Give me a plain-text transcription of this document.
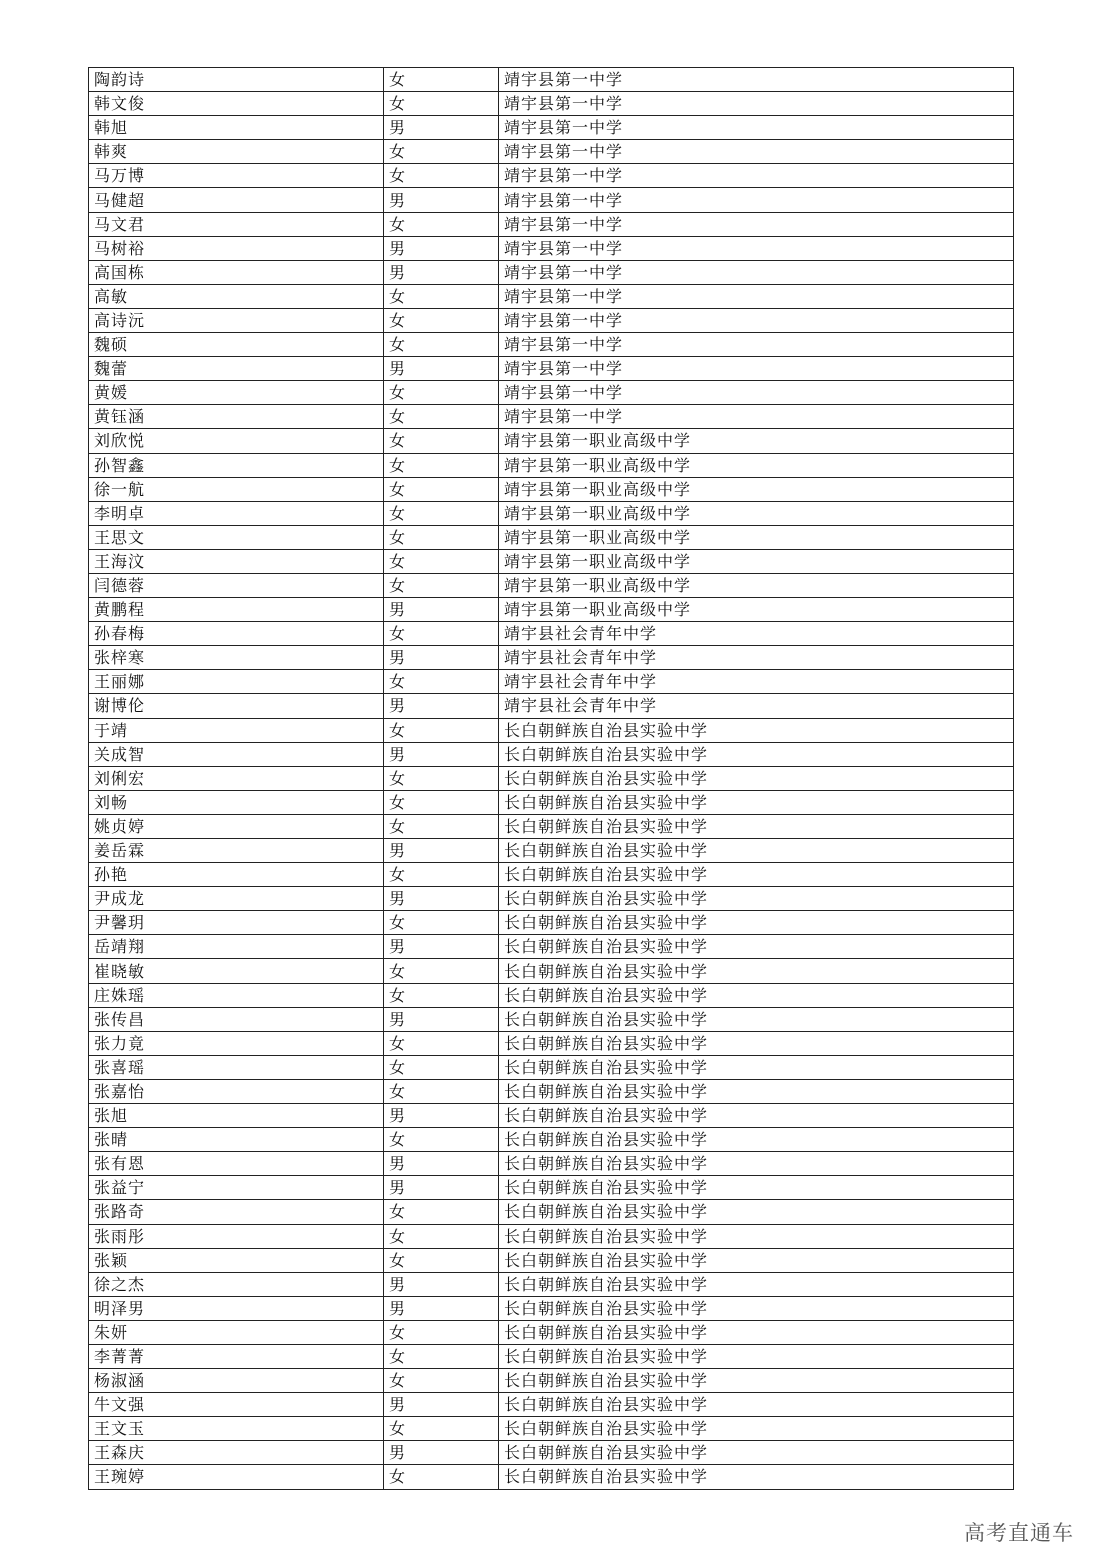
陶韵诗	女	靖宇县第一中学
韩文俊	女	靖宇县第一中学
韩旭	男	靖宇县第一中学
韩爽	女	靖宇县第一中学
马万博	女	靖宇县第一中学
马健超	男	靖宇县第一中学
马文君	女	靖宇县第一中学
马树裕	男	靖宇县第一中学
高国栋	男	靖宇县第一中学
高敏	女	靖宇县第一中学
高诗沅	女	靖宇县第一中学
魏硕	女	靖宇县第一中学
魏蕾	男	靖宇县第一中学
黄媛	女	靖宇县第一中学
黄钰涵	女	靖宇县第一中学
刘欣悦	女	靖宇县第一职业高级中学
孙智鑫	女	靖宇县第一职业高级中学
徐一航	女	靖宇县第一职业高级中学
李明卓	女	靖宇县第一职业高级中学
王思文	女	靖宇县第一职业高级中学
王海汶	女	靖宇县第一职业高级中学
闫德蓉	女	靖宇县第一职业高级中学
黄鹏程	男	靖宇县第一职业高级中学
孙春梅	女	靖宇县社会青年中学
张梓寒	男	靖宇县社会青年中学
王丽娜	女	靖宇县社会青年中学
谢博伦	男	靖宇县社会青年中学
于靖	女	长白朝鲜族自治县实验中学
关成智	男	长白朝鲜族自治县实验中学
刘俐宏	女	长白朝鲜族自治县实验中学
刘畅	女	长白朝鲜族自治县实验中学
姚贞婷	女	长白朝鲜族自治县实验中学
姜岳霖	男	长白朝鲜族自治县实验中学
孙艳	女	长白朝鲜族自治县实验中学
尹成龙	男	长白朝鲜族自治县实验中学
尹馨玥	女	长白朝鲜族自治县实验中学
岳靖翔	男	长白朝鲜族自治县实验中学
崔晓敏	女	长白朝鲜族自治县实验中学
庄姝瑶	女	长白朝鲜族自治县实验中学
张传昌	男	长白朝鲜族自治县实验中学
张力竟	女	长白朝鲜族自治县实验中学
张喜瑶	女	长白朝鲜族自治县实验中学
张嘉怡	女	长白朝鲜族自治县实验中学
张旭	男	长白朝鲜族自治县实验中学
张晴	女	长白朝鲜族自治县实验中学
张有恩	男	长白朝鲜族自治县实验中学
张益宁	男	长白朝鲜族自治县实验中学
张路奇	女	长白朝鲜族自治县实验中学
张雨彤	女	长白朝鲜族自治县实验中学
张颖	女	长白朝鲜族自治县实验中学
徐之杰	男	长白朝鲜族自治县实验中学
明泽男	男	长白朝鲜族自治县实验中学
朱妍	女	长白朝鲜族自治县实验中学
李菁菁	女	长白朝鲜族自治县实验中学
杨淑涵	女	长白朝鲜族自治县实验中学
牛文强	男	长白朝鲜族自治县实验中学
王文玉	女	长白朝鲜族自治县实验中学
王森庆	男	长白朝鲜族自治县实验中学
王琬婷	女	长白朝鲜族自治县实验中学
高考直通车
